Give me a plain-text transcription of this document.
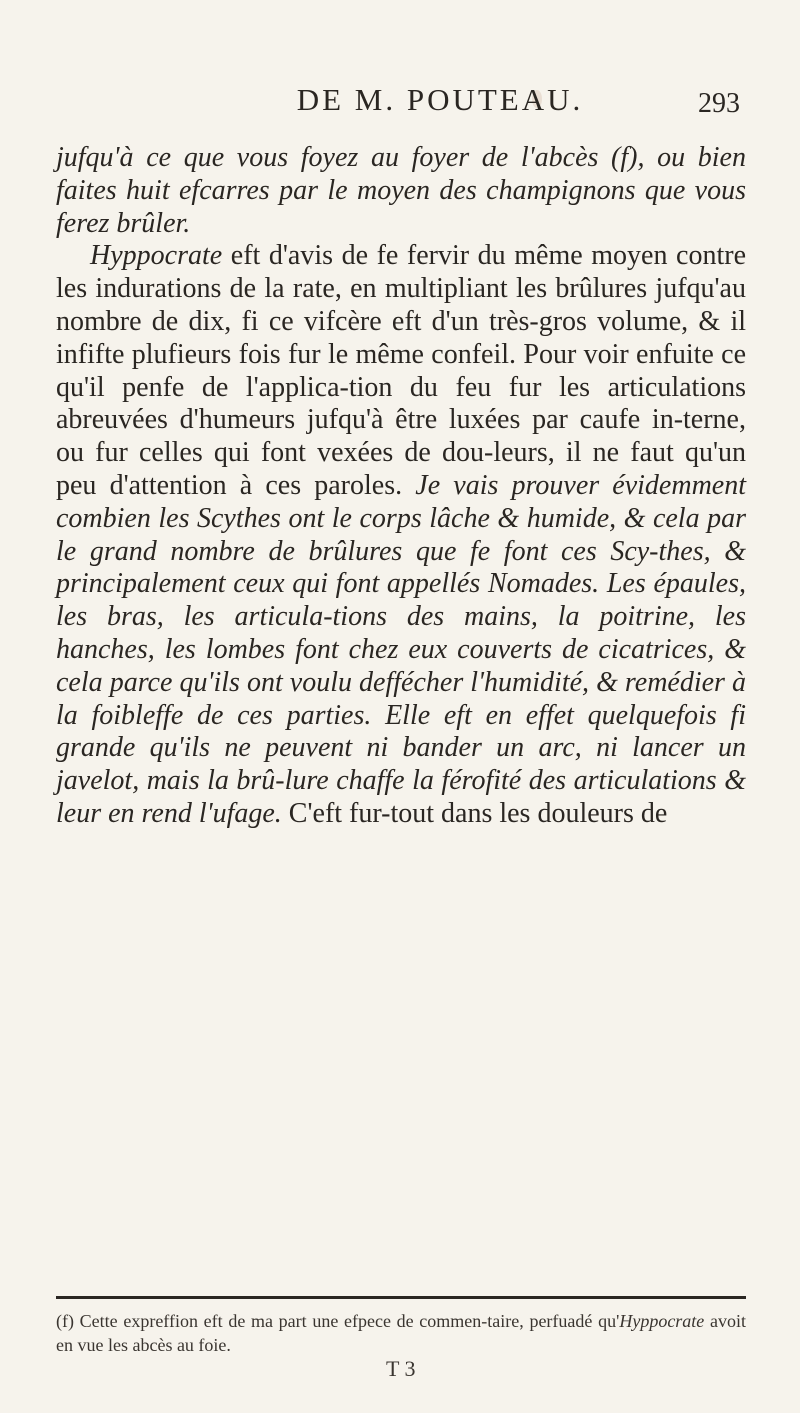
DE M. POUTEAU.	293

jufqu'à ce que vous foyez au foyer de l'abcès (f), ou bien faites huit efcarres par le moyen des champignons que vous ferez brûler.

Hyppocrate eft d'avis de fe fervir du même moyen contre les indurations de la rate, en multipliant les brûlures jufqu'au nombre de dix, fi ce vifcère eft d'un très-gros volume, & il infifte plufieurs fois fur le même confeil. Pour voir enfuite ce qu'il penfe de l'applica-tion du feu fur les articulations abreuvées d'humeurs jufqu'à être luxées par caufe in-terne, ou fur celles qui font vexées de dou-leurs, il ne faut qu'un peu d'attention à ces paroles. Je vais prouver évidemment combien les Scythes ont le corps lâche & humide, & cela par le grand nombre de brûlures que fe font ces Scy-thes, & principalement ceux qui font appellés Nomades. Les épaules, les bras, les articula-tions des mains, la poitrine, les hanches, les lombes font chez eux couverts de cicatrices, & cela parce qu'ils ont voulu deffécher l'humidité, & remédier à la foibleffe de ces parties. Elle eft en effet quelquefois fi grande qu'ils ne peuvent ni bander un arc, ni lancer un javelot, mais la brû-lure chaffe la férofité des articulations & leur en rend l'ufage. C'eft fur-tout dans les douleurs de

(f) Cette expreffion eft de ma part une efpece de commen-taire, perfuadé qu'Hyppocrate avoit en vue les abcès au foie.
T 3
